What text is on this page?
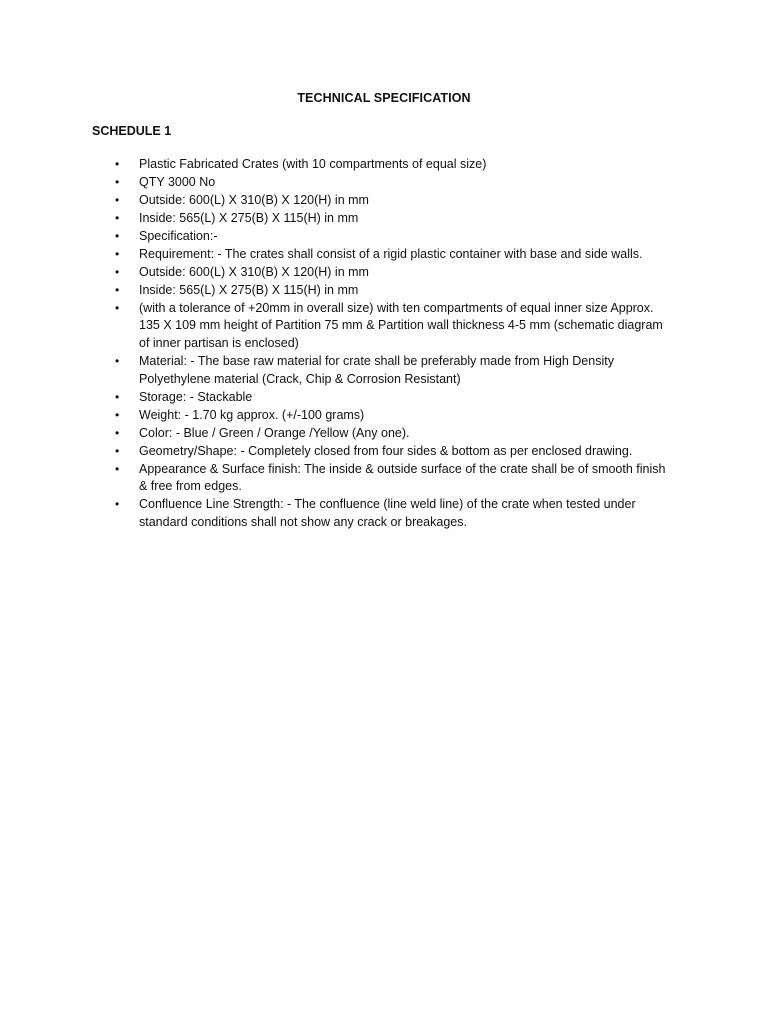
TECHNICAL SPECIFICATION
SCHEDULE 1
• Plastic Fabricated Crates (with 10 compartments of equal size)
• QTY 3000 No
• Outside: 600(L) X 310(B) X 120(H) in mm
• Inside: 565(L) X 275(B) X 115(H) in mm
• Specification:-
• Requirement: - The crates shall consist of a rigid plastic container with base and side walls.
• Outside: 600(L) X 310(B) X 120(H) in mm
• Inside: 565(L) X 275(B) X 115(H) in mm
• (with a tolerance of +20mm in overall size) with ten compartments of equal inner size Approx. 135 X 109 mm height of Partition 75 mm & Partition wall thickness 4-5 mm (schematic diagram of inner partisan is enclosed)
• Material: - The base raw material for crate shall be preferably made from High Density Polyethylene material (Crack, Chip & Corrosion Resistant)
• Storage: - Stackable
• Weight: - 1.70 kg approx. (+/-100 grams)
• Color: - Blue / Green / Orange /Yellow (Any one).
• Geometry/Shape: - Completely closed from four sides & bottom as per enclosed drawing.
• Appearance & Surface finish: The inside & outside surface of the crate shall be of smooth finish & free from edges.
• Confluence Line Strength: - The confluence (line weld line) of the crate when tested under standard conditions shall not show any crack or breakages.
